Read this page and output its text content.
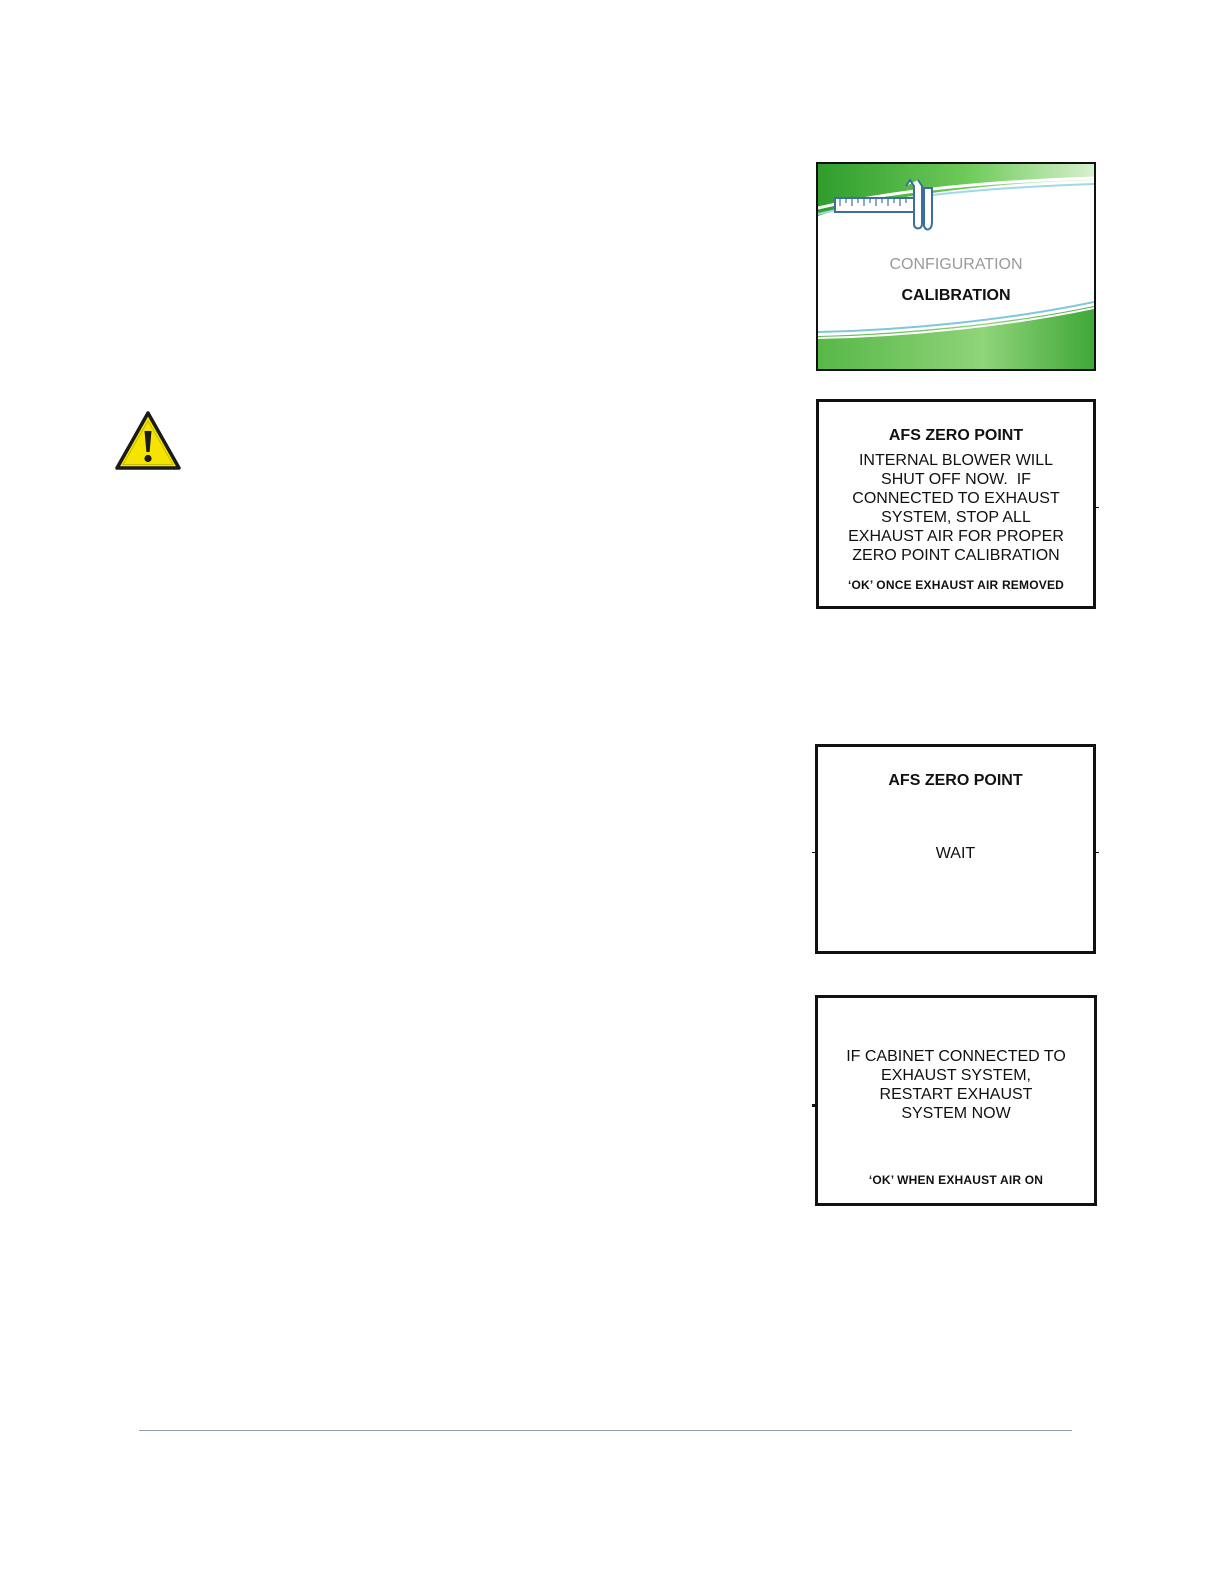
CONFIGURATION
CALIBRATION
AFS ZERO POINT
INTERNAL BLOWER WILL
SHUT OFF NOW.  IF
CONNECTED TO EXHAUST
SYSTEM, STOP ALL
EXHAUST AIR FOR PROPER
ZERO POINT CALIBRATION
‘OK’ ONCE EXHAUST AIR REMOVED
AFS ZERO POINT
WAIT
IF CABINET CONNECTED TO
EXHAUST SYSTEM,
RESTART EXHAUST
SYSTEM NOW
‘OK’ WHEN EXHAUST AIR ON
